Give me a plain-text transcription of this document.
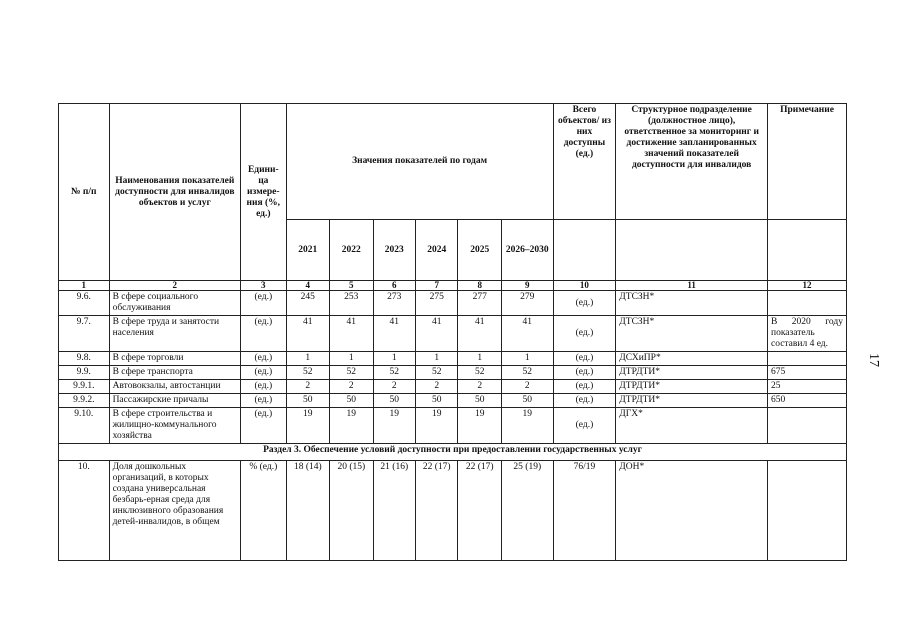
17
№ п/п	Наименования показателей доступности для инвалидов объектов и услуг	Едини-ца измере-ния (%, ед.)	Значения показателей по годам						Всего объектов/ из них доступны (ед.)	Структурное подразделение (должностное лицо), ответственное за мониторинг и достижение запланированных значений показателей доступности для инвалидов	Примечание
			2021	2022	2023	2024	2025	2026–2030			
1	2	3	4	5	6	7	8	9	10	11	12
9.6.	В сфере социального обслуживания	(ед.)	245	253	273	275	277	279	(ед.)	ДТСЗН*	
9.7.	В сфере труда и занятости населения	(ед.)	41	41	41	41	41	41	(ед.)	ДТСЗН*	В 2020 году показатель составил 4 ед.
9.8.	В сфере торговли	(ед.)	1	1	1	1	1	1	(ед.)	ДСХиПР*	
9.9.	В сфере транспорта	(ед.)	52	52	52	52	52	52	(ед.)	ДТРДТИ*	675
9.9.1.	Автовокзалы, автостанции	(ед.)	2	2	2	2	2	2	(ед.)	ДТРДТИ*	25
9.9.2.	Пассажирские причалы	(ед.)	50	50	50	50	50	50	(ед.)	ДТРДТИ*	650
9.10.	В сфере строительства и жилищно-коммунального хозяйства	(ед.)	19	19	19	19	19	19	(ед.)	ДГХ*	
Раздел 3. Обеспечение условий доступности при предоставлении государственных услуг											
10.	Доля дошкольных организаций, в которых создана универсальная безбарь-ерная среда для инклюзивного образования детей-инвалидов, в общем	% (ед.)	18 (14)	20 (15)	21 (16)	22 (17)	22 (17)	25 (19)	76/19	ДОН*	
